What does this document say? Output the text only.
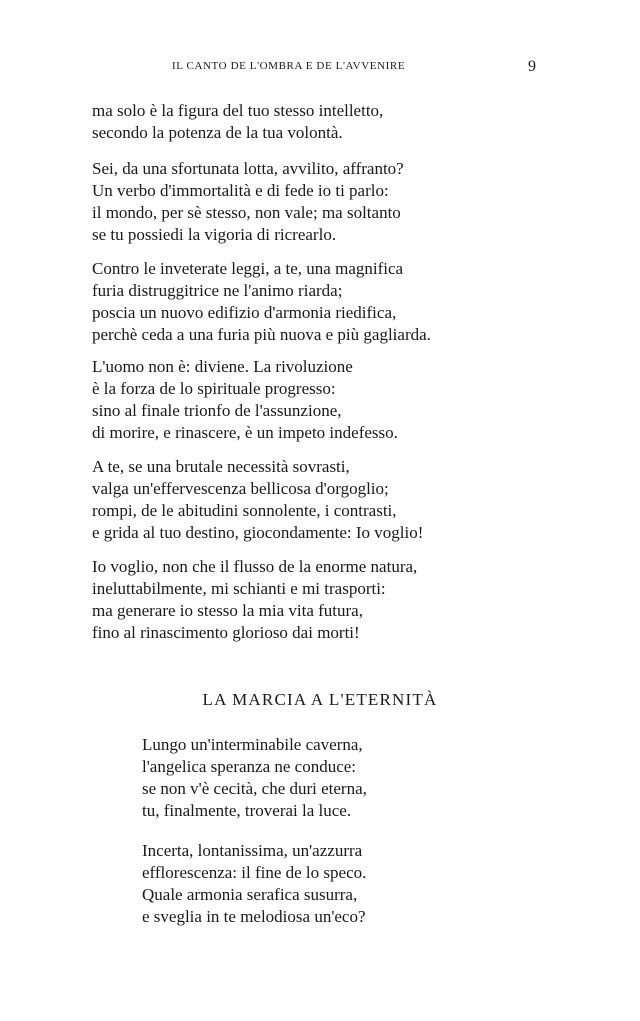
IL CANTO DE L'OMBRA E DE L'AVVENIRE	9
ma solo è la figura del tuo stesso intelletto,
secondo la potenza de la tua volontà.
Sei, da una sfortunata lotta, avvilito, affranto?
Un verbo d'immortalità e di fede io ti parlo:
il mondo, per sè stesso, non vale; ma soltanto
se tu possiedi la vigoria di ricrearlo.
Contro le inveterate leggi, a te, una magnifica
furia distruggitrice ne l'animo riarda;
poscia un nuovo edifizio d'armonia riedifica,
perchè ceda a una furia più nuova e più gagliarda.
L'uomo non è: diviene. La rivoluzione
è la forza de lo spirituale progresso:
sino al finale trionfo de l'assunzione,
di morire, e rinascere, è un impeto indefesso.
A te, se una brutale necessità sovrasti,
valga un'effervescenza bellicosa d'orgoglio;
rompi, de le abitudini sonnolente, i contrasti,
e grida al tuo destino, giocondamente: Io voglio!
Io voglio, non che il flusso de la enorme natura,
ineluttabilmente, mi schianti e mi trasporti:
ma generare io stesso la mia vita futura,
fino al rinascimento glorioso dai morti!
LA MARCIA A L'ETERNITÀ
Lungo un'interminabile caverna,
l'angelica speranza ne conduce:
se non v'è cecità, che duri eterna,
tu, finalmente, troverai la luce.
Incerta, lontanissima, un'azzurra
efflorescenza: il fine de lo speco.
Quale armonia serafica susurra,
e sveglia in te melodiosa un'eco?
